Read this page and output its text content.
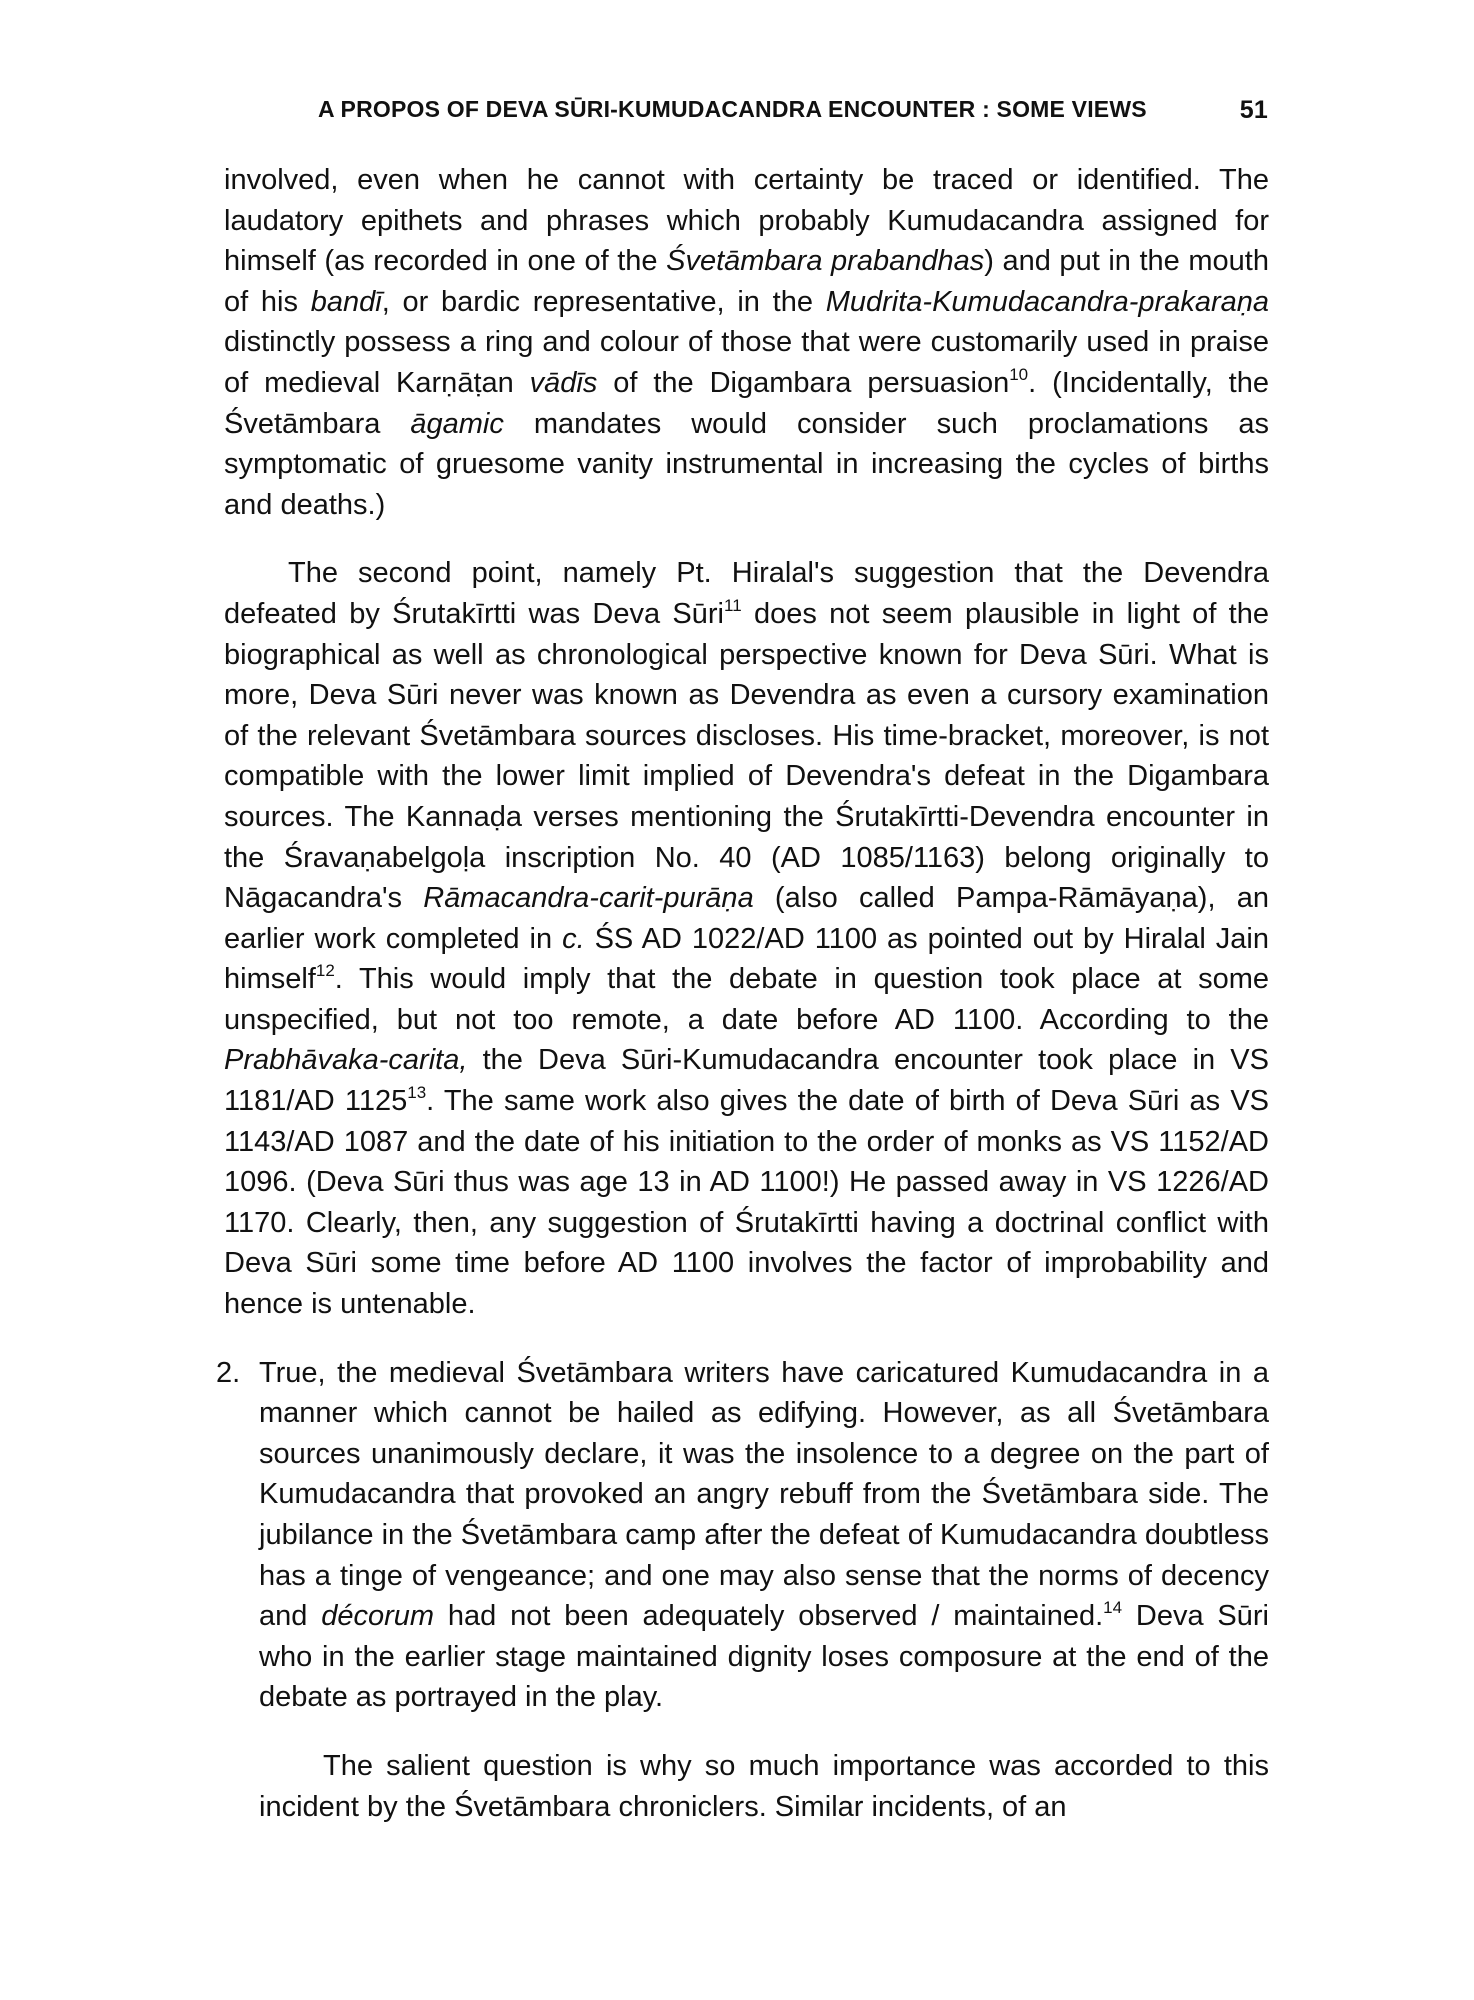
A PROPOS OF DEVA SŪRI-KUMUDACANDRA ENCOUNTER : SOME VIEWS	51

involved, even when he cannot with certainty be traced or identified. The laudatory epithets and phrases which probably Kumudacandra assigned for himself (as recorded in one of the Śvetāmbara prabandhas) and put in the mouth of his bandī, or bardic representative, in the Mudrita-Kumudacandra-prakaraṇa distinctly possess a ring and colour of those that were customarily used in praise of medieval Karṇāṭan vādīs of the Digambara persuasion$^{10}$. (Incidentally, the Śvetāmbara āgamic mandates would consider such proclamations as symptomatic of gruesome vanity instrumental in increasing the cycles of births and deaths.)

The second point, namely Pt. Hiralal's suggestion that the Devendra defeated by Śrutakīrtti was Deva Sūri$^{11}$ does not seem plausible in light of the biographical as well as chronological perspective known for Deva Sūri. What is more, Deva Sūri never was known as Devendra as even a cursory examination of the relevant Śvetāmbara sources discloses. His time-bracket, moreover, is not compatible with the lower limit implied of Devendra's defeat in the Digambara sources. The Kannaḍa verses mentioning the Śrutakīrtti-Devendra encounter in the Śravaṇabelgoḷa inscription No. 40 (AD 1085/1163) belong originally to Nāgacandra's Rāmacandra-carit-purāṇa (also called Pampa-Rāmāyaṇa), an earlier work completed in c. ŚS AD 1022/AD 1100 as pointed out by Hiralal Jain himself$^{12}$. This would imply that the debate in question took place at some unspecified, but not too remote, a date before AD 1100. According to the Prabhāvaka-carita, the Deva Sūri-Kumudacandra encounter took place in VS 1181/AD 1125$^{13}$. The same work also gives the date of birth of Deva Sūri as VS 1143/AD 1087 and the date of his initiation to the order of monks as VS 1152/AD 1096. (Deva Sūri thus was age 13 in AD 1100!) He passed away in VS 1226/AD 1170. Clearly, then, any suggestion of Śrutakīrtti having a doctrinal conflict with Deva Sūri some time before AD 1100 involves the factor of improbability and hence is untenable.

2. True, the medieval Śvetāmbara writers have caricatured Kumudacandra in a manner which cannot be hailed as edifying. However, as all Śvetāmbara sources unanimously declare, it was the insolence to a degree on the part of Kumudacandra that provoked an angry rebuff from the Śvetāmbara side. The jubilance in the Śvetāmbara camp after the defeat of Kumudacandra doubtless has a tinge of vengeance; and one may also sense that the norms of decency and décorum had not been adequately observed / maintained.$^{14}$ Deva Sūri who in the earlier stage maintained dignity loses composure at the end of the debate as portrayed in the play.

The salient question is why so much importance was accorded to this incident by the Śvetāmbara chroniclers. Similar incidents, of an
